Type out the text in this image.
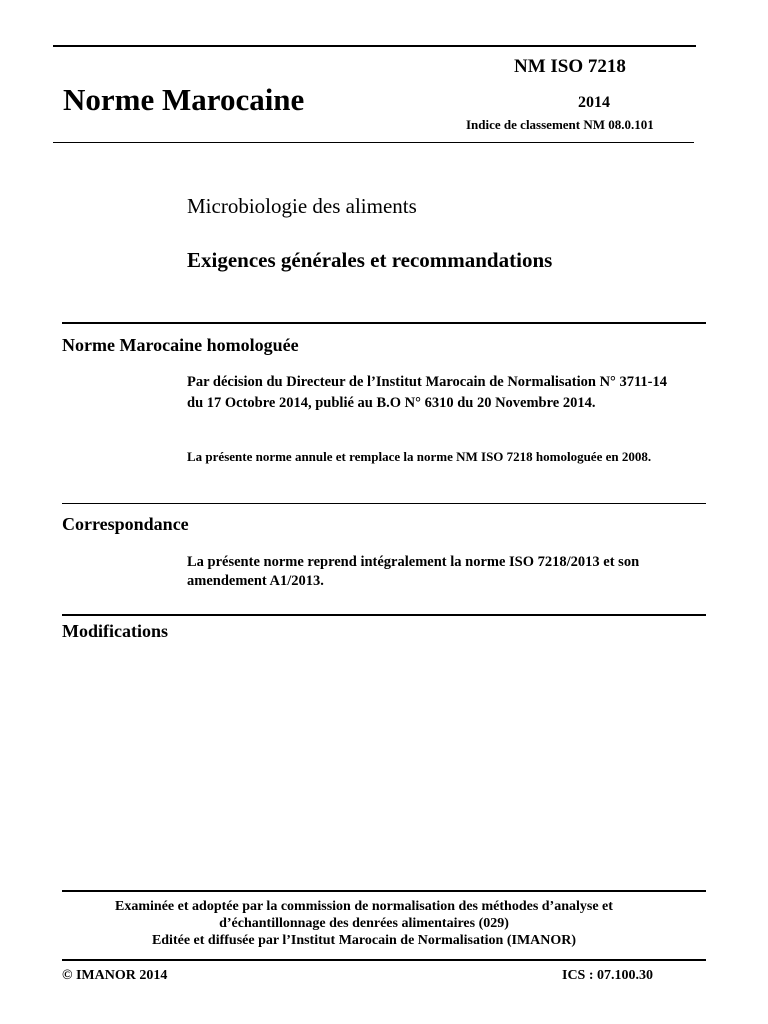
NM ISO 7218
Norme Marocaine	2014
Indice de classement NM 08.0.101
Microbiologie des aliments
Exigences générales et recommandations
Norme Marocaine homologuée
Par décision du Directeur de l’Institut Marocain de Normalisation N° 3711-14 du 17 Octobre 2014, publié au B.O N° 6310 du 20 Novembre 2014.
La présente norme annule et remplace la norme NM ISO 7218 homologuée en 2008.
Correspondance
La présente norme reprend intégralement la norme ISO 7218/2013 et son amendement A1/2013.
Modifications
Examinée et adoptée par la commission de normalisation des méthodes d’analyse et
d’échantillonnage des denrées alimentaires (029)
Editée et diffusée par l’Institut Marocain de Normalisation (IMANOR)
© IMANOR 2014	ICS : 07.100.30
